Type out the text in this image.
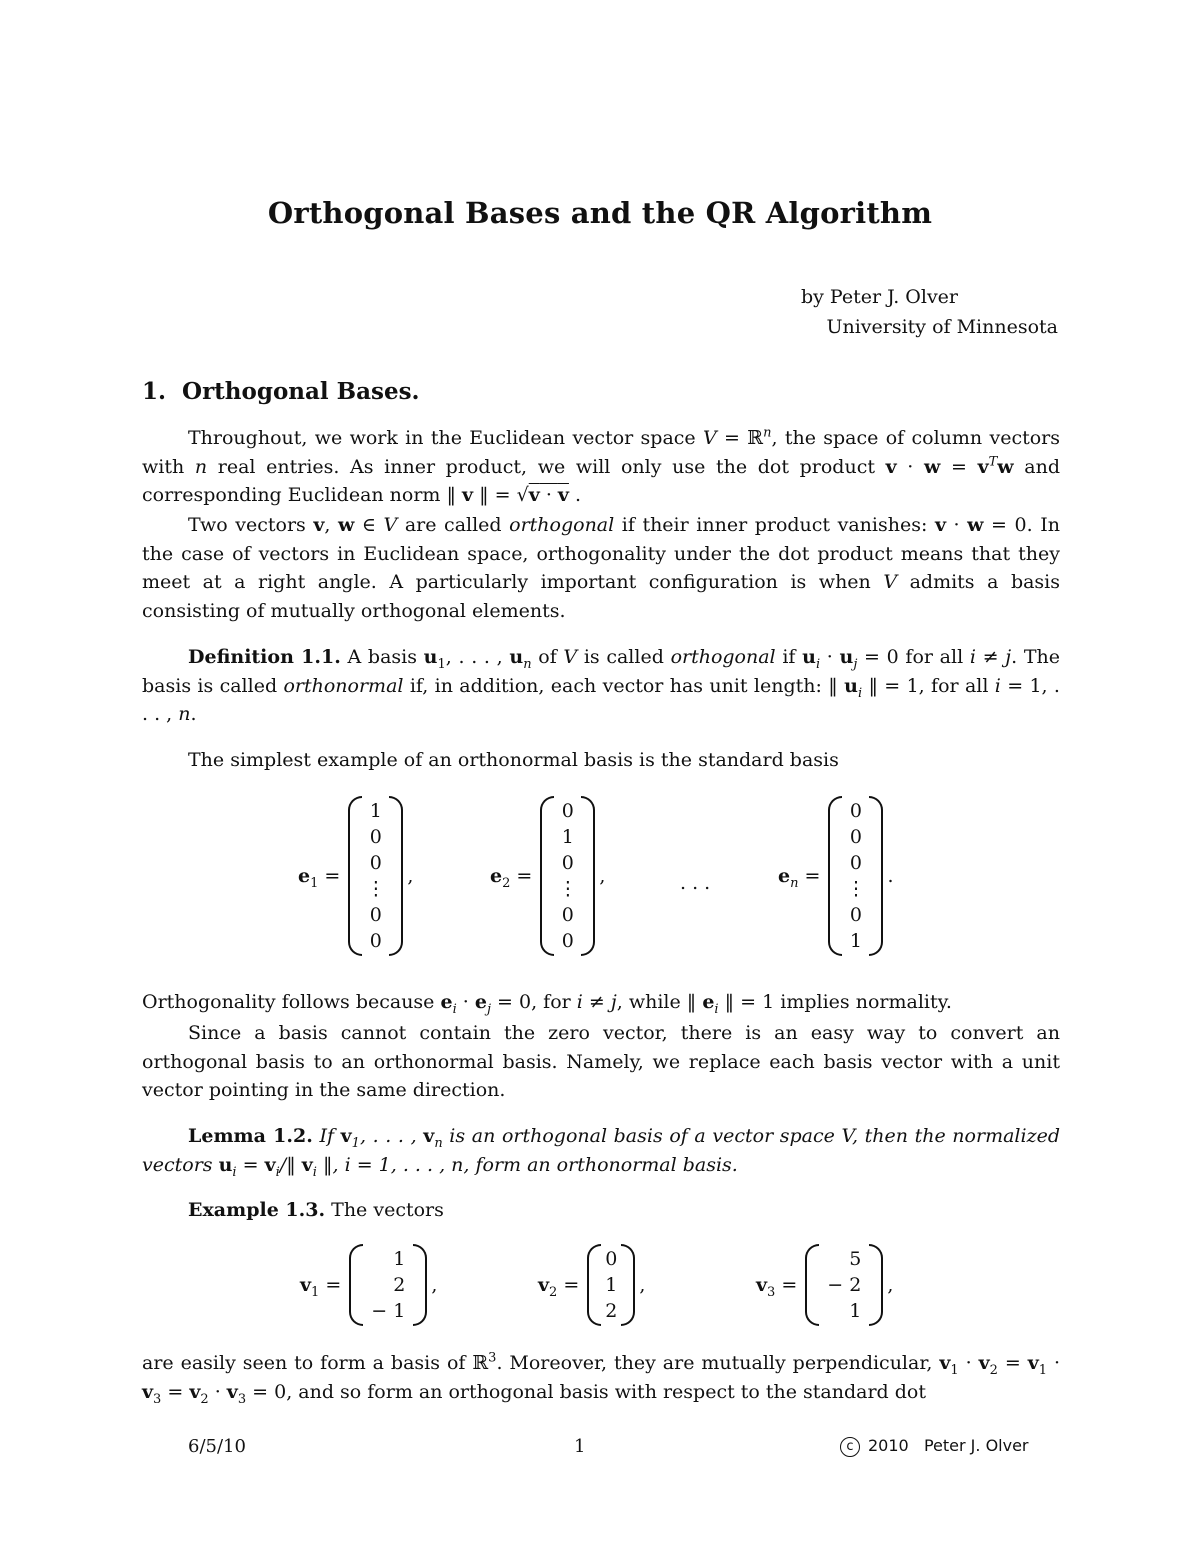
Orthogonal Bases and the QR Algorithm
by Peter J. Olver
University of Minnesota
1. Orthogonal Bases.

Throughout, we work in the Euclidean vector space V = ℝ$^n$, the space of column vectors with n real entries. As inner product, we will only use the dot product $v \cdot w = v^Tw$ and corresponding Euclidean norm ‖ v ‖ = √v · v .

Two vectors v, w ∈ V are called orthogonal if their inner product vanishes: v · w = 0. In the case of vectors in Euclidean space, orthogonality under the dot product means that they meet at a right angle. A particularly important configuration is when V admits a basis consisting of mutually orthogonal elements.

Definition 1.1. A basis $u_1$, . . . , $u_n$ of V is called orthogonal if $u_i \cdot u_j = 0$ for all i ≠ j. The basis is called orthonormal if, in addition, each vector has unit length: ‖ $u_i$ ‖ = 1, for all i = 1, . . . , n.

The simplest example of an orthonormal basis is the standard basis

$e_1$ =
1
0
0
⋮
0
0
,	$e_2$ =
0
1
0
⋮
0
0
,	. . .	$e_n$ =
0
0
0
⋮
0
1
.

Orthogonality follows because $e_i \cdot e_j = 0$, for i ≠ j, while ‖ $e_i$ ‖ = 1 implies normality.

Since a basis cannot contain the zero vector, there is an easy way to convert an orthogonal basis to an orthonormal basis. Namely, we replace each basis vector with a unit vector pointing in the same direction.

Lemma 1.2. If $v_1$, . . . , $v_n$ is an orthogonal basis of a vector space V, then the normalized vectors $u_i$ = $v_i/‖$ $v_i$ ‖, i = 1, . . . , n, form an orthonormal basis.

Example 1.3. The vectors

$v_1$ =
1
2
− 1
,	$v_2$ =
0
1
2
,	$v_3$ =
5
− 2
1
,

are easily seen to form a basis of ℝ$^3$. Moreover, they are mutually perpendicular, $v_1 \cdot v_2 = v_1 \cdot v_3 = v_2 \cdot v_3 = 0$, and so form an orthogonal basis with respect to the standard dot

6/5/10	1	c 2010   Peter J. Olver
